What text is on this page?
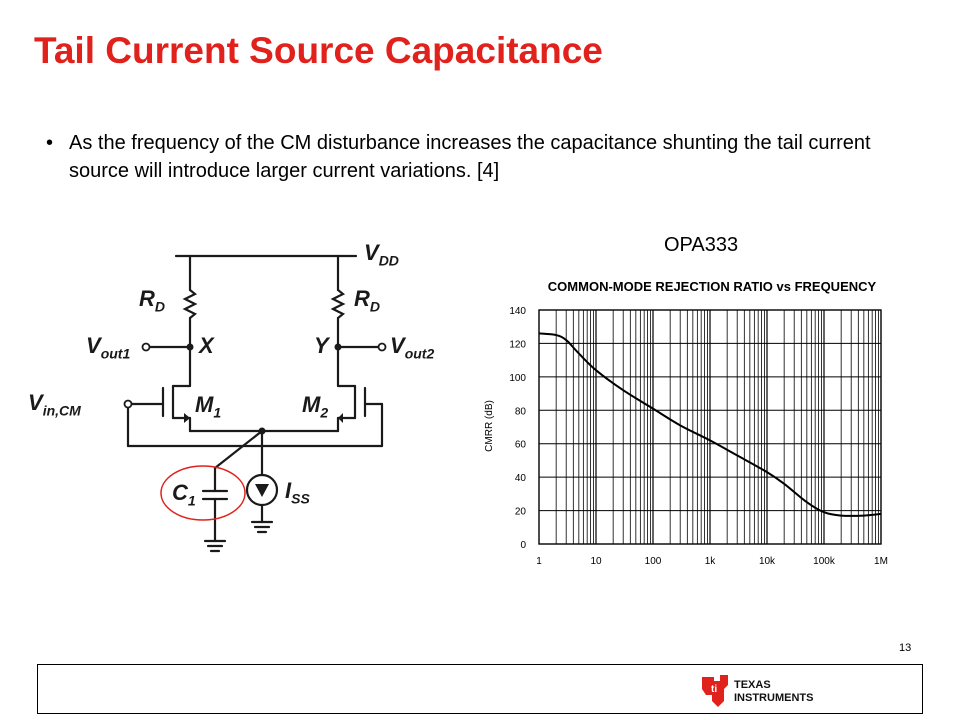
Tail Current Source Capacitance
• As the frequency of the CM disturbance increases the capacitance shunting the tail current source will introduce larger current variations. [4]
$V_{DD}$
$R_D$	$R_D$
$V_{out1}$	$V_{out2}$
X	Y
$V_{in,CM}$	$M_1$	$M_2$
$C_1$	$I_{SS}$
OPA333
COMMON-MODE REJECTION RATIO vs FREQUENCY
CMRR (dB)
0
20
40
60
80
100
120
140
1	10	100	1k	10k	100k	1M
13
ti TEXAS
INSTRUMENTS
